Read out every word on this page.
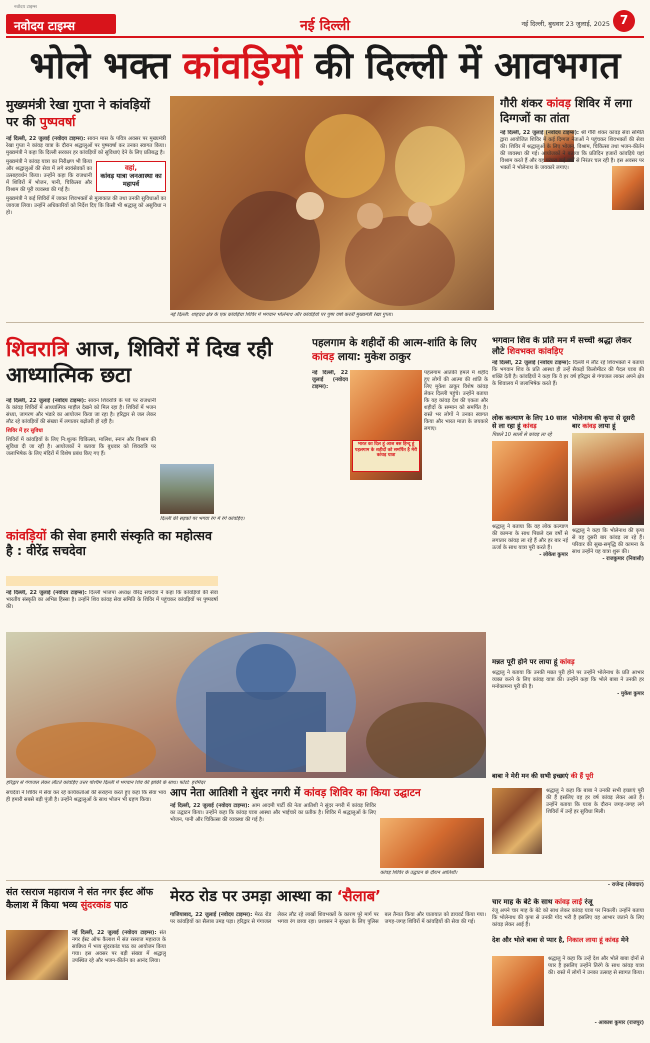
नवोदय टाइम्स
नवोदय टाइम्स	नई दिल्ली	नई दिल्ली, बुधवार 23 जुलाई, 2025 7
भोले भक्त कांवड़ियों की दिल्ली में आवभगत
मुख्यमंत्री रेखा गुप्ता ने कांवड़ियों पर की पुष्पवर्षा

नई दिल्ली, 22 जुलाई (नवोदय टाइम्स): सावन मास के पवित्र अवसर पर मुख्यमंत्री रेखा गुप्ता ने कांवड़ यात्रा के दौरान श्रद्धालुओं पर पुष्पवर्षा कर उनका स्वागत किया। मुख्यमंत्री ने कहा कि दिल्ली सरकार हर कांवड़ियों को सुविधाएं देने के लिए प्रतिबद्ध है।

वहां,
कांवड़ यात्रा जनआस्था का महापर्व

मुख्यमंत्री ने कांवड़ यात्रा का निरीक्षण भी किया और श्रद्धालुओं की सेवा में लगे स्वयंसेवकों का उत्साहवर्धन किया। उन्होंने कहा कि राजधानी में शिविरों में भोजन, पानी, चिकित्सा और विश्राम की पूरी व्यवस्था की गई है।

मुख्यमंत्री ने कई शिविरों में जाकर शिवभक्तों से मुलाकात की तथा उनकी सुविधाओं का जायजा लिया। उन्होंने अधिकारियों को निर्देश दिए कि किसी भी श्रद्धालु को असुविधा न हो।

नई दिल्ली: शाहदरा क्षेत्र के एक कांवड़िया शिविर में भगवान भोलेनाथ और कांवड़ियों पर पुष्प वर्षा करतीं मुख्यमंत्री रेखा गुप्ता।
गौरी शंकर कांवड़ शिविर में लगा दिग्गजों का तांता

नई दिल्ली, 22 जुलाई (नवोदय टाइम्स): श्री गौरी शंकर कांवड़ सेवा समिति द्वारा आयोजित शिविर में कई दिग्गज नेताओं ने पहुंचकर शिवभक्तों की सेवा की। शिविर में श्रद्धालुओं के लिए भोजन, विश्राम, चिकित्सा तथा भजन-कीर्तन की व्यवस्था की गई। आयोजकों ने बताया कि प्रतिदिन हजारों कांवड़िये यहां विश्राम करते हैं और यह परंपरा कई वर्षों से निरंतर चल रही है। इस अवसर पर भक्तों ने भोलेनाथ के जयकारे लगाए।

शिवरात्रि आज, शिविरों में दिख रही आध्यात्मिक छटा

नई दिल्ली, 22 जुलाई (नवोदय टाइम्स): सावन शिवरात्रि के पर्व पर राजधानी के कांवड़ शिविरों में आध्यात्मिक माहौल देखने को मिल रहा है। शिविरों में भजन संध्या, जागरण और भंडारे का आयोजन किया जा रहा है। हरिद्वार से जल लेकर लौट रहे कांवड़ियों की संख्या में लगातार बढ़ोतरी हो रही है।

शिविर में हर सुविधा

शिविरों में कांवड़ियों के लिए नि:शुल्क चिकित्सा, मालिश, स्नान और विश्राम की सुविधा दी जा रही है। आयोजकों ने बताया कि बुधवार को शिवरात्रि पर जलाभिषेक के लिए मंदिरों में विशेष प्रबंध किए गए हैं।

दिल्ली की सड़कों पर भगवा रंग में रंगे कांवड़िए।
पहलगाम के शहीदों की आत्म-शांति के लिए कांवड़ लाया: मुकेश ठाकुर
भारत का दिल हूं आज बस हिन्दू हूं पहलगाम के शहीदों को समर्पित है मेरी कांवड़ यात्रा

नई दिल्ली, 22 जुलाई (नवोदय टाइम्स):

पहलगाम आतंकी हमले में शहीद हुए लोगों की आत्मा की शांति के लिए मुकेश ठाकुर विशेष कांवड़ लेकर दिल्ली पहुंचे। उन्होंने बताया कि यह कांवड़ देश की एकता और शहीदों के सम्मान को समर्पित है। रास्ते भर लोगों ने उनका स्वागत किया और भारत माता के जयकारे लगाए।

भगवान शिव के प्रति मन में सच्ची श्रद्धा लेकर लौटे शिवभक्त कांवड़िए

नई दिल्ली, 22 जुलाई (नवोदय टाइम्स): दिल्ली में लौट रहे शिवभक्तों ने बताया कि भगवान शिव के प्रति आस्था ही उन्हें सैकड़ों किलोमीटर की पैदल यात्रा की शक्ति देती है। कांवड़ियों ने कहा कि वे हर वर्ष हरिद्वार से गंगाजल लाकर अपने क्षेत्र के शिवालय में जलाभिषेक करते हैं।

लोक कल्याण के लिए 10 साल से ला रहा हूं कांवड़
पिछले 10 सालों से कांवड़ ला रहे
श्रद्धालु ने बताया कि वह लोक कल्याण की कामना के साथ पिछले दस वर्षों से लगातार कांवड़ ला रहे हैं और हर बार नई ऊर्जा के साथ यात्रा पूरी करते हैं।
- लोकेश कुमार
भोलेनाथ की कृपा से दूसरी बार कांवड़ लाया हूं
श्रद्धालु ने कहा कि भोलेनाथ की कृपा से वह दूसरी बार कांवड़ ला रहे हैं। परिवार की सुख-समृद्धि की कामना के साथ उन्होंने यह यात्रा शुरू की।
- राजकुमार (निवासी)
कांवड़ियों की सेवा हमारी संस्कृति का महोत्सव है : वीरेंद्र सचदेवा

नई दिल्ली, 22 जुलाई (नवोदय टाइम्स): दिल्ली भाजपा अध्यक्ष वीरेंद्र सचदेवा ने कहा कि कांवड़ियों की सेवा भारतीय संस्कृति का अभिन्न हिस्सा है। उन्होंने शिव कांवड़ सेवा समिति के शिविर में पहुंचकर कांवड़ियों पर पुष्पवर्षा की।

हरिद्वार से गंगाजल लेकर लौटते कांवड़िए उत्तर पश्चिम दिल्ली में भगवान शिव की झांकी के साथ। फोटो: हरमिंदर
सचदेवा ने शिविर में सेवा कर रहे कार्यकर्ताओं की सराहना करते हुए कहा कि सेवा भाव ही हमारी सबसे बड़ी पूंजी है। उन्होंने श्रद्धालुओं के साथ भोजन भी ग्रहण किया।
मन्नत पूरी होने पर लाया हूं कांवड़
श्रद्धालु ने बताया कि उनकी मन्नत पूरी होने पर उन्होंने भोलेनाथ के प्रति आभार व्यक्त करने के लिए कांवड़ यात्रा की। उन्होंने कहा कि भोले बाबा ने उनकी हर मनोकामना पूरी की है।
- मुकेश कुमार
आप नेता आतिशी ने सुंदर नगरी में कांवड़ शिविर का किया उद्घाटन

नई दिल्ली, 22 जुलाई (नवोदय टाइम्स): आम आदमी पार्टी की नेता आतिशी ने सुंदर नगरी में कांवड़ शिविर का उद्घाटन किया। उन्होंने कहा कि कांवड़ यात्रा आस्था और भाईचारे का प्रतीक है। शिविर में श्रद्धालुओं के लिए भोजन, पानी और चिकित्सा की व्यवस्था की गई है।

कांवड़ शिविर के उद्घाटन के दौरान आतिशी।
बाबा ने मेरी मन की सभी इच्छाएं की हैं पूरी
श्रद्धालु ने कहा कि बाबा ने उनकी सभी इच्छाएं पूरी की हैं इसलिए वह हर वर्ष कांवड़ लेकर आते हैं। उन्होंने बताया कि यात्रा के दौरान जगह-जगह लगे शिविरों में उन्हें हर सुविधा मिली।
- राजेन्द्र (सेवादार)
संत रसराज महाराज ने संत नगर ईस्ट ऑफ कैलाश में किया भव्य सुंदरकांड पाठ

नई दिल्ली, 22 जुलाई (नवोदय टाइम्स): संत नगर ईस्ट ऑफ कैलाश में संत रसराज महाराज के सान्निध्य में भव्य सुंदरकांड पाठ का आयोजन किया गया। इस अवसर पर बड़ी संख्या में श्रद्धालु उपस्थित रहे और भजन-कीर्तन का आनंद लिया।

मेरठ रोड पर उमड़ा आस्था का ‘सैलाब’

गाजियाबाद, 22 जुलाई (नवोदय टाइम्स): मेरठ रोड पर कांवड़ियों का सैलाब उमड़ पड़ा। हरिद्वार से गंगाजल लेकर लौट रहे लाखों शिवभक्तों के कारण पूरे मार्ग पर भगवा रंग छाया रहा। प्रशासन ने सुरक्षा के लिए पुलिस बल तैनात किया और यातायात को डायवर्ट किया गया। जगह-जगह शिविरों में कांवड़ियों की सेवा की गई।

चार माह के बेटे के साथ कांवड़ लाई रंजू
रंजू अपने चार माह के बेटे को साथ लेकर कांवड़ यात्रा पर निकलीं। उन्होंने बताया कि भोलेनाथ की कृपा से उनकी गोद भरी है इसलिए वह आभार जताने के लिए कांवड़ लेकर आई हैं।
देश और भोले बाबा से प्यार है, निकाल लाया हूं कांवड़ मेने
श्रद्धालु ने कहा कि उन्हें देश और भोले बाबा दोनों से प्यार है इसलिए उन्होंने तिरंगे के साथ कांवड़ यात्रा की। रास्ते में लोगों ने उनका उत्साह से स्वागत किया।
- आकाश कुमार (राजपुर)
